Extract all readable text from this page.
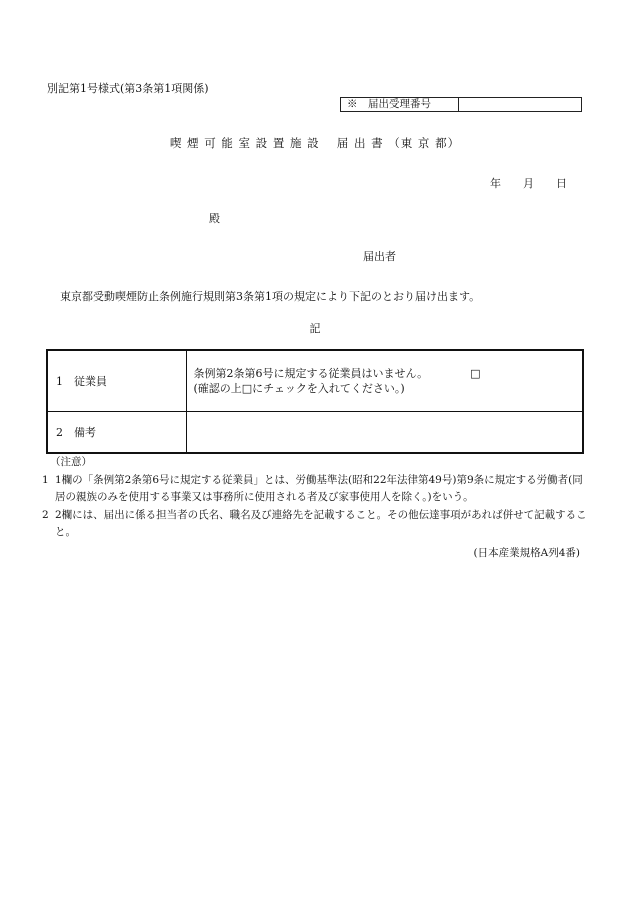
別記第1号様式(第3条第1項関係)
※　届出受理番号
喫 煙 可 能 室 設 置 施 設　 届 出 書 （東 京 都）
年　　月　　日
殿
届出者
東京都受動喫煙防止条例施行規則第3条第1項の規定により下記のとおり届け出ます。
記
1　従業員	条例第2条第6号に規定する従業員はいません。 □
(確認の上□にチェックを入れてください。)

2　備考	
（注意）
1 1欄の「条例第2条第6号に規定する従業員」とは、労働基準法(昭和22年法律第49号)第9条に規定する労働者(同居の親族のみを使用する事業又は事務所に使用される者及び家事使用人を除く。)をいう。
2 2欄には、届出に係る担当者の氏名、職名及び連絡先を記載すること。その他伝達事項があれば併せて記載すること。
(日本産業規格A列4番)
